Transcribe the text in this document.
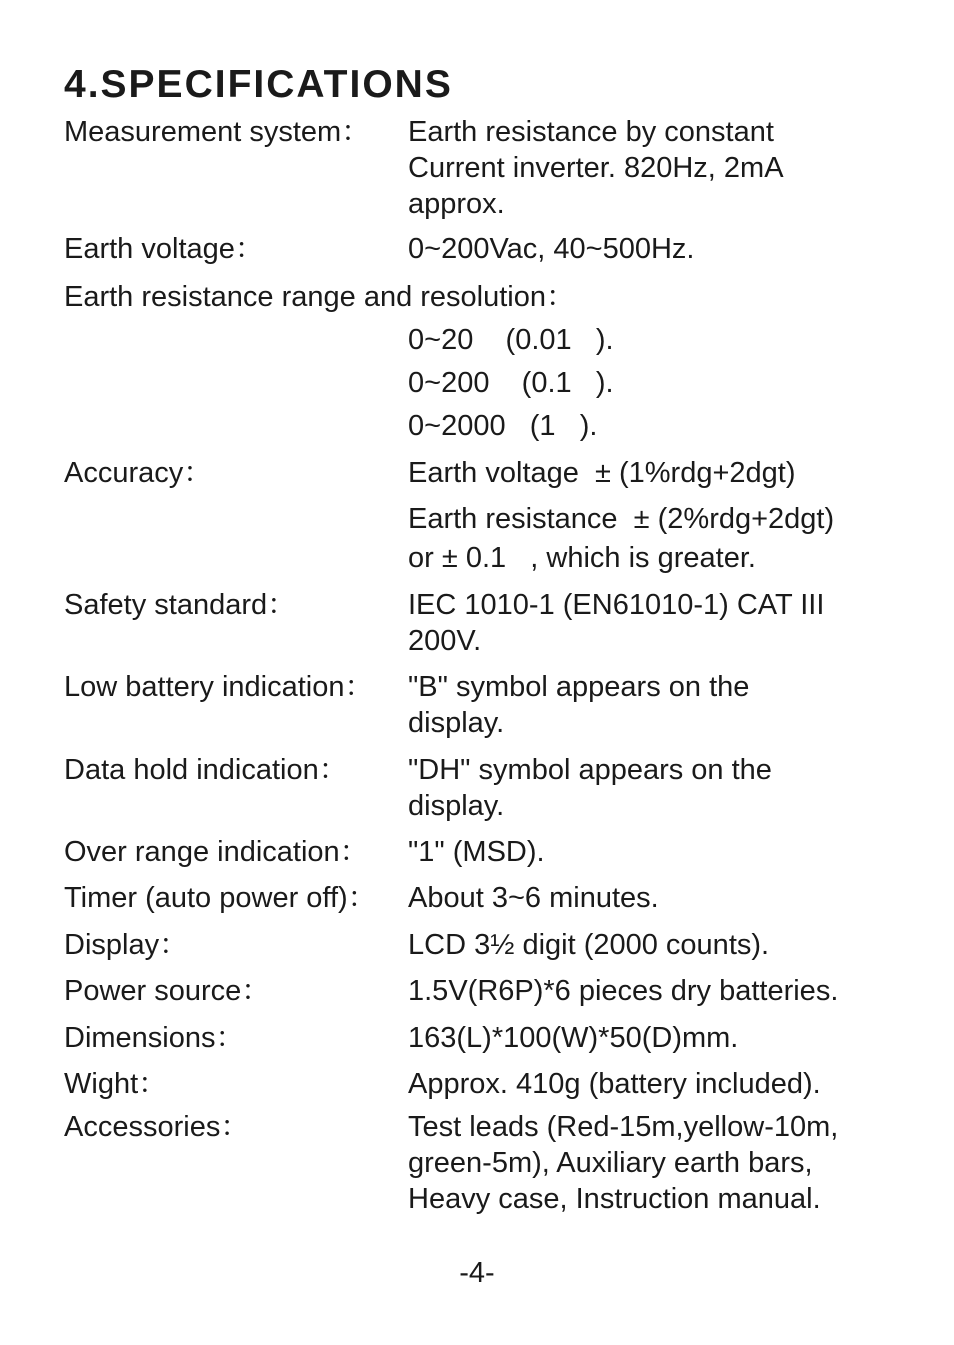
4.SPECIFICATIONS
Measurement system： Earth resistance by constant
Current inverter. 820Hz, 2mA
approx.
Earth voltage：	0~200Vac, 40~500Hz.
Earth resistance range and resolution：
0~20    (0.01   ).
0~200    (0.1   ).
0~2000   (1   ).
Accuracy：	Earth voltage  ± (1%rdg+2dgt)
Earth resistance  ± (2%rdg+2dgt)
or ± 0.1   , which is greater.
Safety standard：	IEC 1010-1 (EN61010-1) CAT III
200V.
Low battery indication： "B" symbol appears on the
display.
Data hold indication： "DH" symbol appears on the
display.
Over range indication： "1" (MSD).
Timer (auto power off)： About 3~6 minutes.
Display：	LCD 3½ digit (2000 counts).
Power source：	1.5V(R6P)*6 pieces dry batteries.
Dimensions：	163(L)*100(W)*50(D)mm.
Wight：	Approx. 410g (battery included).
Accessories：	Test leads (Red-15m,yellow-10m,
green-5m), Auxiliary earth bars,
Heavy case, Instruction manual.
-4-
